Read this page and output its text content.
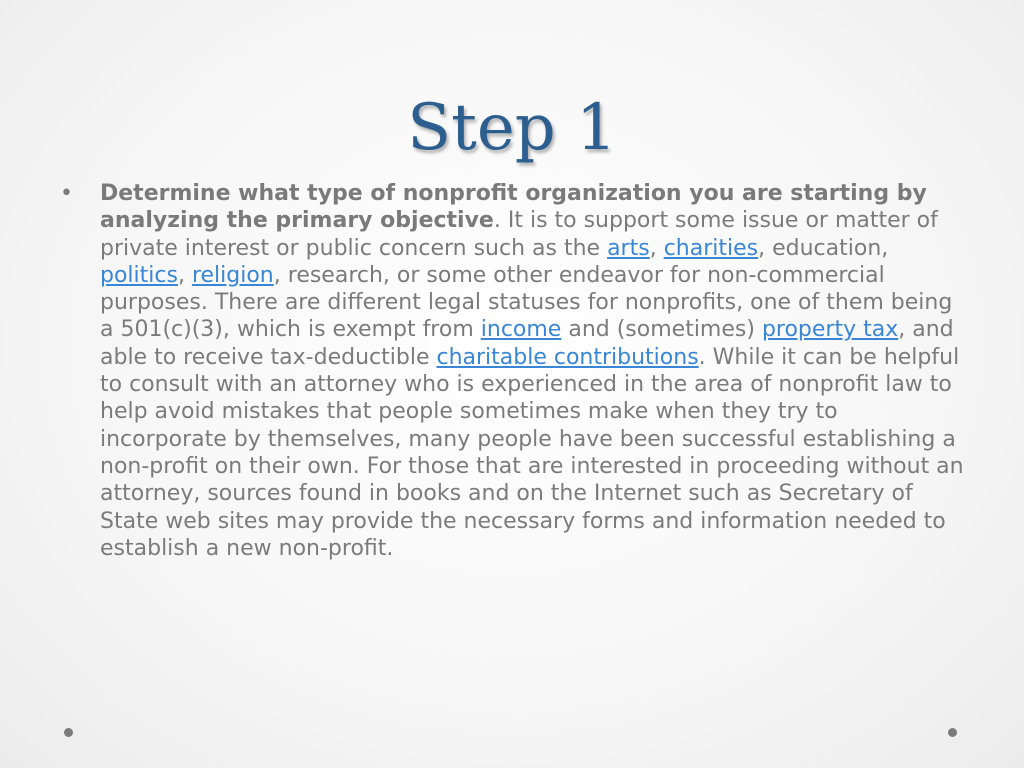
Step 1
• Determine what type of nonprofit organization you are starting by analyzing the primary objective. It is to support some issue or matter of private interest or public concern such as the arts, charities, education, politics, religion, research, or some other endeavor for non-commercial purposes. There are different legal statuses for nonprofits, one of them being a 501(c)(3), which is exempt from income and (sometimes) property tax, and able to receive tax-deductible charitable contributions. While it can be helpful to consult with an attorney who is experienced in the area of nonprofit law to help avoid mistakes that people sometimes make when they try to incorporate by themselves, many people have been successful establishing a non-profit on their own. For those that are interested in proceeding without an attorney, sources found in books and on the Internet such as Secretary of State web sites may provide the necessary forms and information needed to establish a new non-profit.
